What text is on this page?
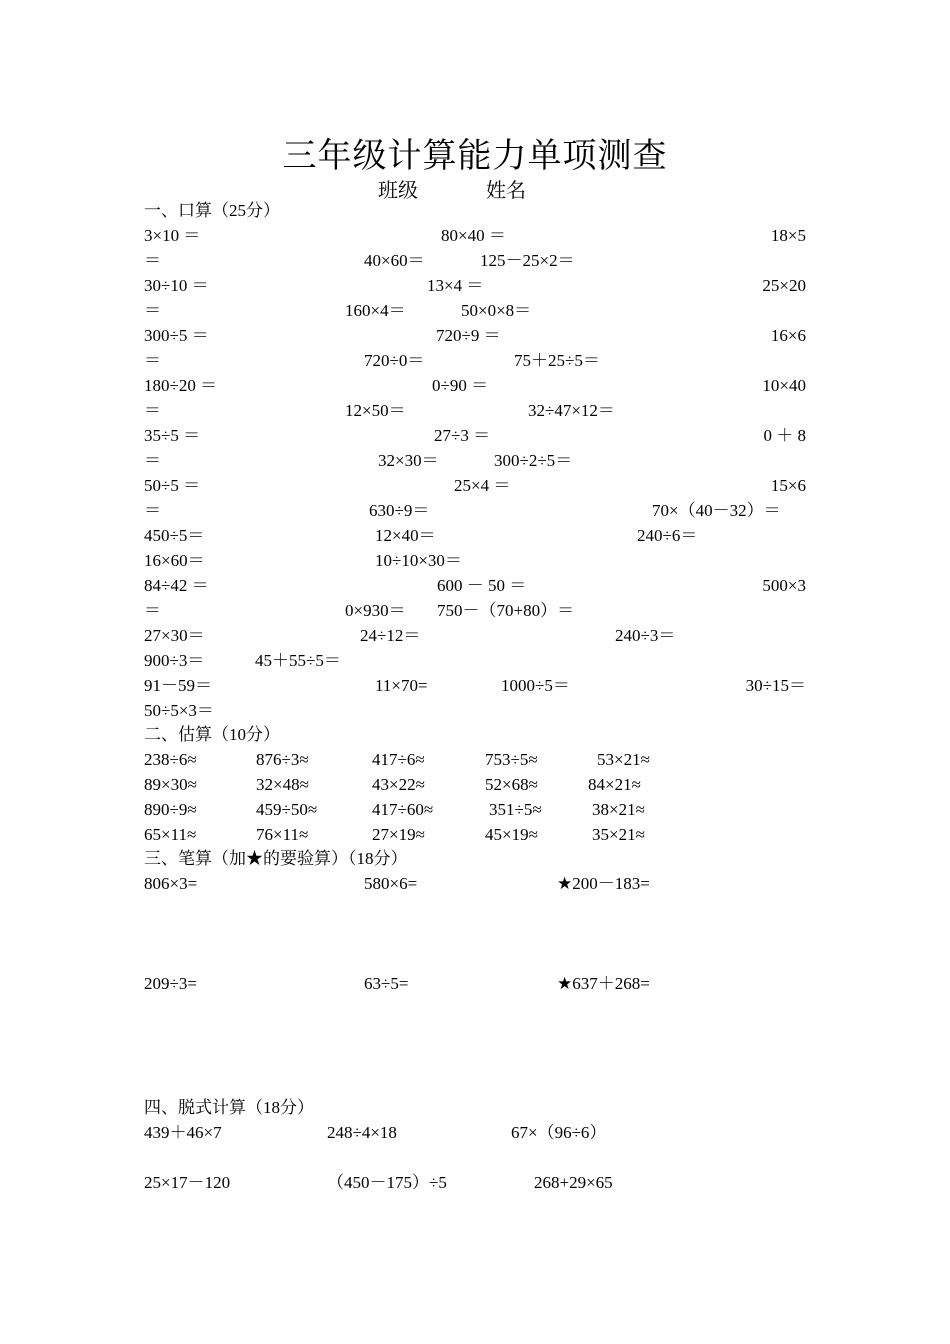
三年级计算能力单项测查
班级	姓名
一、口算（25分）
3×10 ＝	80×40 ＝	18×5
＝	40×60＝	125－25×2＝
30÷10 ＝	13×4 ＝	25×20
＝	160×4＝	50×0×8＝
300÷5 ＝	720÷9 ＝	16×6
＝	720÷0＝	75＋25÷5＝
180÷20 ＝	0÷90 ＝	10×40
＝	12×50＝	32÷47×12＝
35÷5 ＝	27÷3 ＝	0 ＋ 8
＝	32×30＝	300÷2÷5＝
50÷5 ＝	25×4 ＝	15×6
＝	630÷9＝	70×（40－32）＝
450÷5＝	12×40＝	240÷6＝
16×60＝	10÷10×30＝
84÷42 ＝	600 － 50 ＝	500×3
＝	0×930＝ 750－（70+80）＝
27×30＝	24÷12＝	240÷3＝
900÷3＝	45＋55÷5＝
91－59＝	11×70=	1000÷5＝	30÷15＝
50÷5×3＝
二、估算（10分）
238÷6≈	876÷3≈	417÷6≈	753÷5≈	53×21≈
89×30≈	32×48≈	43×22≈	52×68≈	84×21≈
890÷9≈	459÷50≈	417÷60≈	351÷5≈	38×21≈
65×11≈	76×11≈	27×19≈	45×19≈	35×21≈
三、笔算（加★的要验算）（18分）
806×3=	580×6=	★200－183=
209÷3=	63÷5=	★637＋268=
四、脱式计算（18分）
439＋46×7	248÷4×18	67×（96÷6）
25×17－120	（450－175）÷5	268+29×65
